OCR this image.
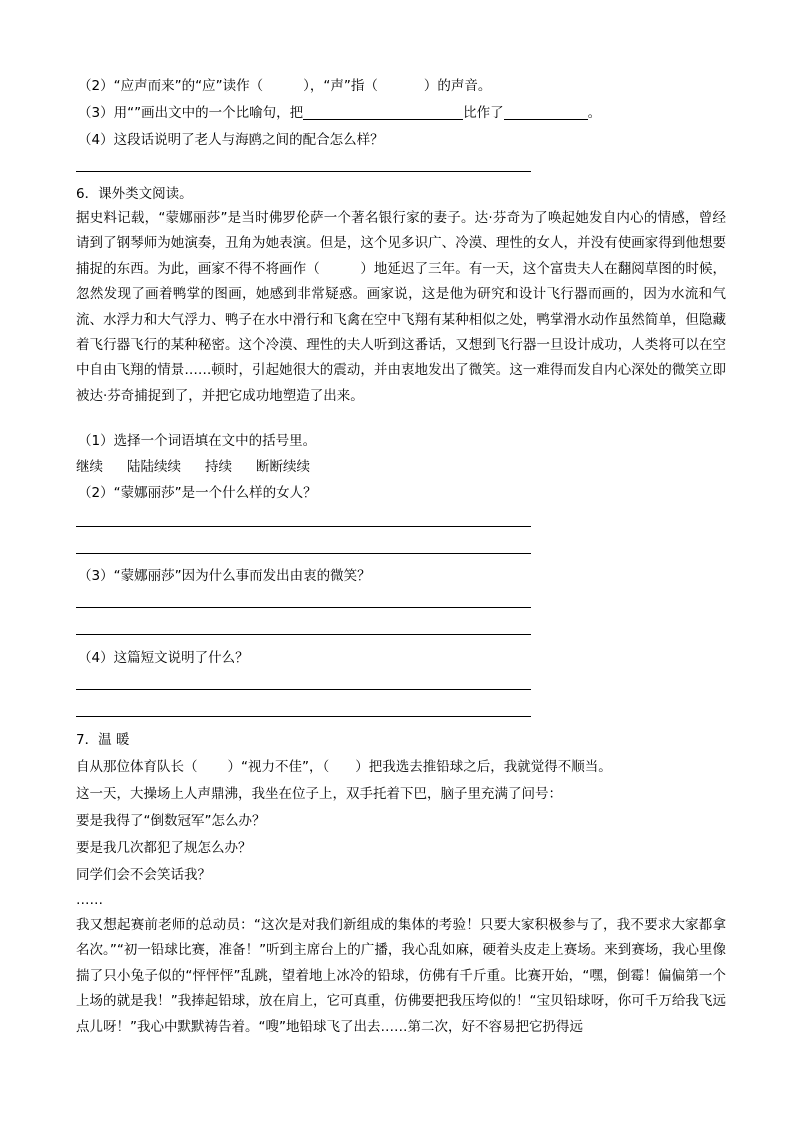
（2）“应声而来”的“应”读作（	），“声”指（	）的声音。
（3）用“”画出文中的一个比喻句，把	比作了	。
（4）这段话说明了老人与海鸥之间的配合怎么样？
6．课外类文阅读。
据史料记载，“蒙娜丽莎”是当时佛罗伦萨一个著名银行家的妻子。达·芬奇为了唤起她发自内心的情感，曾经请到了钢琴师为她演奏，丑角为她表演。但是，这个见多识广、冷漠、理性的女人，并没有使画家得到他想要捕捉的东西。为此，画家不得不将画作（　　　）地延迟了三年。有一天，这个富贵夫人在翻阅草图的时候，忽然发现了画着鸭掌的图画，她感到非常疑惑。画家说，这是他为研究和设计飞行器而画的，因为水流和气流、水浮力和大气浮力、鸭子在水中滑行和飞禽在空中飞翔有某种相似之处，鸭掌滑水动作虽然简单，但隐藏着飞行器飞行的某种秘密。这个冷漠、理性的夫人听到这番话，又想到飞行器一旦设计成功，人类将可以在空中自由飞翔的情景……顿时，引起她很大的震动，并由衷地发出了微笑。这一难得而发自内心深处的微笑立即被达·芬奇捕捉到了，并把它成功地塑造了出来。
（1）选择一个词语填在文中的括号里。
继续 陆陆续续 持续 断断续续
（2）“蒙娜丽莎”是一个什么样的女人？
（3）“蒙娜丽莎”因为什么事而发出由衷的微笑？
（4）这篇短文说明了什么？
7．温 暖
自从那位体育队长（ ）“视力不佳”，（ ）把我选去推铅球之后，我就觉得不顺当。
这一天，大操场上人声鼎沸，我坐在位子上，双手托着下巴，脑子里充满了问号：
要是我得了“倒数冠军”怎么办？
要是我几次都犯了规怎么办？
同学们会不会笑话我？
……
我又想起赛前老师的总动员：“这次是对我们新组成的集体的考验！只要大家积极参与了，我不要求大家都拿名次。”“初一铅球比赛，准备！”听到主席台上的广播，我心乱如麻，硬着头皮走上赛场。来到赛场，我心里像揣了只小兔子似的“怦怦怦”乱跳，望着地上冰冷的铅球，仿佛有千斤重。比赛开始，“嘿，倒霉！偏偏第一个上场的就是我！”我捧起铅球，放在肩上，它可真重，仿佛要把我压垮似的！“宝贝铅球呀，你可千万给我飞远点儿呀！”我心中默默祷告着。“嗖”地铅球飞了出去……第二次，好不容易把它扔得远
